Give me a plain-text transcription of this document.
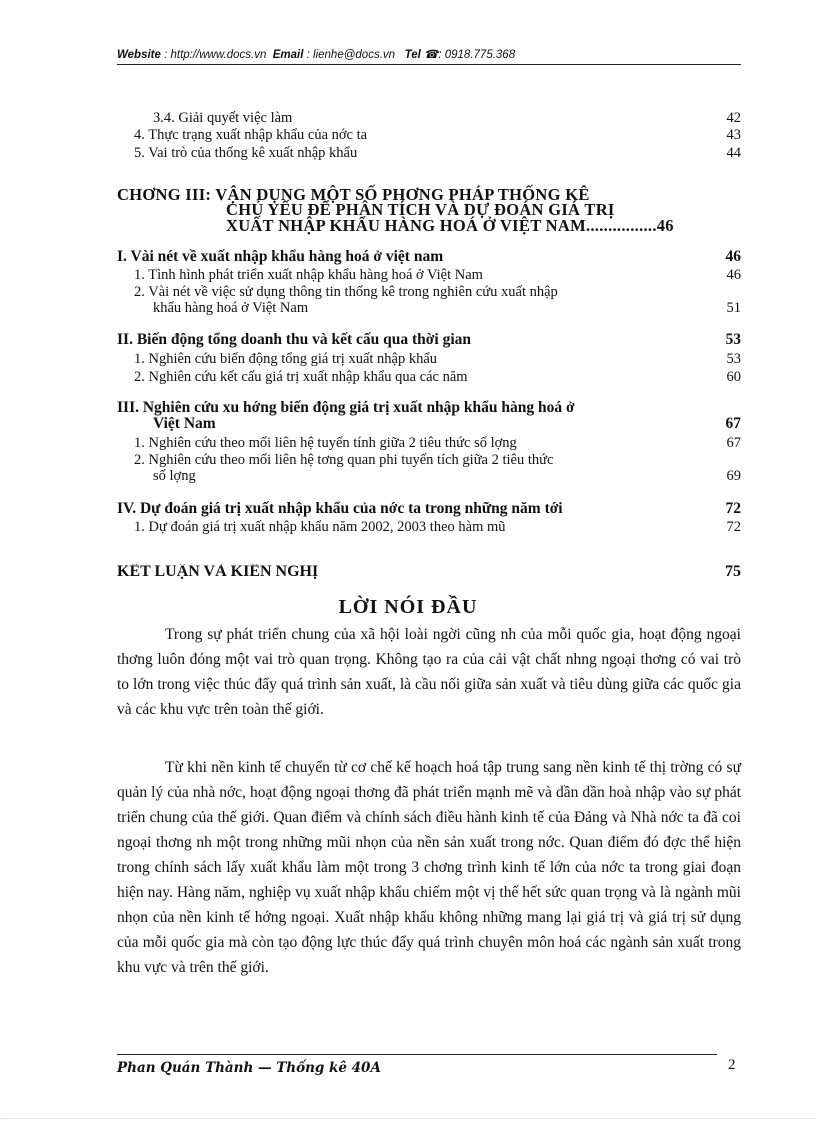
Website : http://www.docs.vn Email : lienhe@docs.vn Tel ☎: 0918.775.368
3.4. Giải quyết việc làm	42
4. Thực trạng xuất nhập khẩu của nớc ta	43
5. Vai trò của thống kê xuất nhập khẩu	44
CHƠNG III: VẬN DỤNG MỘT SỐ PHƠNG PHÁP THỐNG KÊ
CHỦ YẾU ĐỂ PHÂN TÍCH VÀ DỰ ĐOÁN GIÁ TRỊ
XUẤT NHẬP KHẨU HÀNG HOÁ Ở VIỆT NAM................46
I. Vài nét về xuất nhập khẩu hàng hoá ở việt nam	46
1. Tình hình phát triển xuất nhập khẩu hàng hoá ở Việt Nam	46
2. Vài nét về việc sử dụng thông tin thống kê trong nghiên cứu xuất nhập
khẩu hàng hoá ở Việt Nam	51
II. Biến động tổng doanh thu và kết cấu qua thời gian	53
1. Nghiên cứu biến động tổng giá trị xuất nhập khẩu	53
2. Nghiên cứu kết cấu giá trị xuất nhập khẩu qua các năm	60
III. Nghiên cứu xu hớng biến động giá trị xuất nhập khẩu hàng hoá ở
Việt Nam	67
1. Nghiên cứu theo mối liên hệ tuyến tính giữa 2 tiêu thức số lợng	67
2. Nghiên cứu theo mối liên hệ tơng quan phi tuyến tích giữa 2 tiêu thức
số lợng	69
IV. Dự đoán giá trị xuất nhập khẩu của nớc ta trong những năm tới	72
1. Dự đoán giá trị xuất nhập khẩu năm 2002, 2003 theo hàm mũ	72
KẾT LUẬN VÀ KIẾN NGHỊ	75
LỜI NÓI ĐẦU
Trong sự phát triển chung của xã hội loài ngời cũng nh của mỗi quốc gia, hoạt động ngoại thơng luôn đóng một vai trò quan trọng. Không tạo ra của cải vật chất nhng ngoại thơng có vai trò to lớn trong việc thúc đẩy quá trình sản xuất, là cầu nối giữa sản xuất và tiêu dùng giữa các quốc gia và các khu vực trên toàn thế giới.
Từ khi nền kinh tế chuyển từ cơ chế kế hoạch hoá tập trung sang nền kinh tế thị trờng có sự quản lý của nhà nớc, hoạt động ngoại thơng đã phát triển mạnh mẽ và dần dần hoà nhập vào sự phát triển chung của thế giới. Quan điểm và chính sách điều hành kinh tế của Đảng và Nhà nớc ta đã coi ngoại thơng nh một trong những mũi nhọn của nền sản xuất trong nớc. Quan điểm đó đợc thể hiện trong chính sách lấy xuất khẩu làm một trong 3 chơng trình kinh tế lớn của nớc ta trong giai đoạn hiện nay. Hàng năm, nghiệp vụ xuất nhập khẩu chiếm một vị thế hết sức quan trọng và là ngành mũi nhọn của nền kinh tế hớng ngoại. Xuất nhập khẩu không những mang lại giá trị và giá trị sử dụng của mỗi quốc gia mà còn tạo động lực thúc đẩy quá trình chuyên môn hoá các ngành sản xuất trong khu vực và trên thế giới.
Phan Quán Thành — Thống kê 40A	2
